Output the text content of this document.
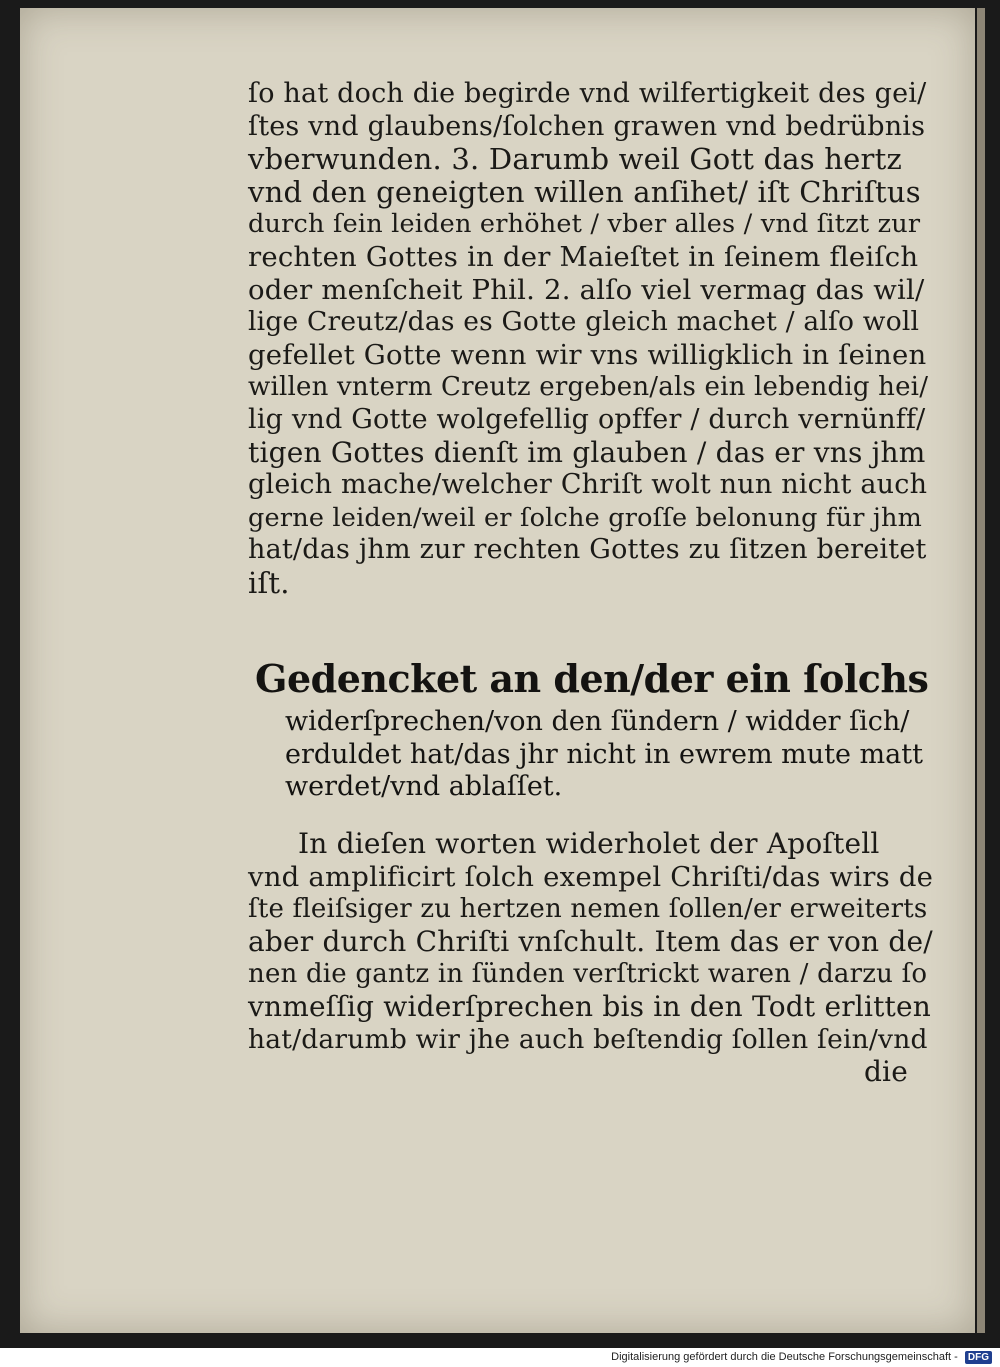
ſo hat doch die begirde vnd wilfertigkeit des gei/
ſtes vnd glaubens/ſolchen grawen vnd bedrübnis
vberwunden. 3. Darumb weil Gott das hertz
vnd den geneigten willen anſihet/ iſt Chriſtus
durch ſein leiden erhöhet / vber alles / vnd ſitzt zur
rechten Gottes in der Maieſtet in ſeinem fleiſch
oder menſcheit Phil. 2. alſo viel vermag das wil/
lige Creutz/das es Gotte gleich machet / alſo woll
gefellet Gotte wenn wir vns willigklich in ſeinen
willen vnterm Creutz ergeben/als ein lebendig hei/
lig vnd Gotte wolgefellig opffer / durch vernünff/
tigen Gottes dienſt im glauben / das er vns jhm
gleich mache/welcher Chriſt wolt nun nicht auch
gerne leiden/weil er ſolche groſſe belonung für jhm
hat/das jhm zur rechten Gottes zu ſitzen bereitet
iſt.
Gedencket an den/der ein ſolchs
widerſprechen/von den ſündern / widder ſich/
erduldet hat/das jhr nicht in ewrem mute matt
werdet/vnd ablaſſet.
In dieſen worten widerholet der Apoſtell
vnd amplificirt ſolch exempel Chriſti/das wirs de
ſte fleiſsiger zu hertzen nemen ſollen/er erweiterts
aber durch Chriſti vnſchult. Item das er von de/
nen die gantz in ſünden verſtrickt waren / darzu ſo
vnmeſſig widerſprechen bis in den Todt erlitten
hat/darumb wir jhe auch beſtendig ſollen ſein/vnd
die
Digitalisierung gefördert durch die Deutsche Forschungsgemeinschaft - DFG
